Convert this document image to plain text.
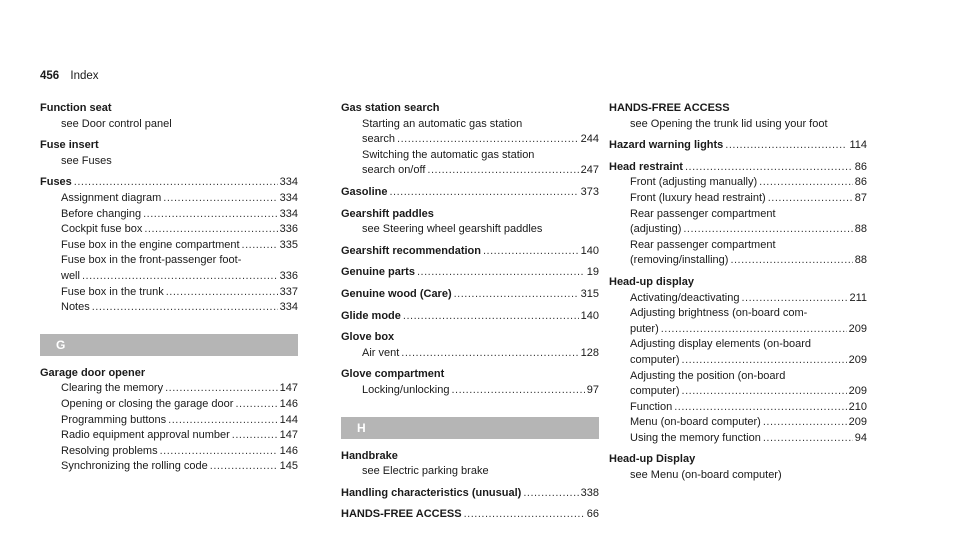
456 Index
Function seat
see Door control panel
Fuse insert
see Fuses
Fuses .....	334
Assignment diagram .....	334
Before changing .....	334
Cockpit fuse box .....	336
Fuse box in the engine compartment .....	335
Fuse box in the front-passenger foot-
well .....	336
Fuse box in the trunk .....	337
Notes .....	334
G
Garage door opener
Clearing the memory .....	147
Opening or closing the garage door .....	146
Programming buttons .....	144
Radio equipment approval number .....	147
Resolving problems .....	146
Synchronizing the rolling code .....	145
Gas station search
Starting an automatic gas station
search .....	244
Switching the automatic gas station
search on/off .....	247
Gasoline .....	373
Gearshift paddles
see Steering wheel gearshift paddles
Gearshift recommendation .....	140
Genuine parts .....	19
Genuine wood (Care) .....	315
Glide mode .....	140
Glove box
Air vent .....	128
Glove compartment
Locking/unlocking .....	97
H
Handbrake
see Electric parking brake
Handling characteristics (unusual) .....	338
HANDS-FREE ACCESS .....	66
HANDS-FREE ACCESS
see Opening the trunk lid using your foot
Hazard warning lights .....	114
Head restraint .....	86
Front (adjusting manually) .....	86
Front (luxury head restraint) .....	87
Rear passenger compartment
(adjusting) .....	88
Rear passenger compartment
(removing/installing) .....	88
Head-up display
Activating/deactivating .....	211
Adjusting brightness (on-board com-
puter) .....	209
Adjusting display elements (on-board
computer) .....	209
Adjusting the position (on-board
computer) .....	209
Function .....	210
Menu (on-board computer) .....	209
Using the memory function .....	94
Head-up Display
see Menu (on-board computer)
